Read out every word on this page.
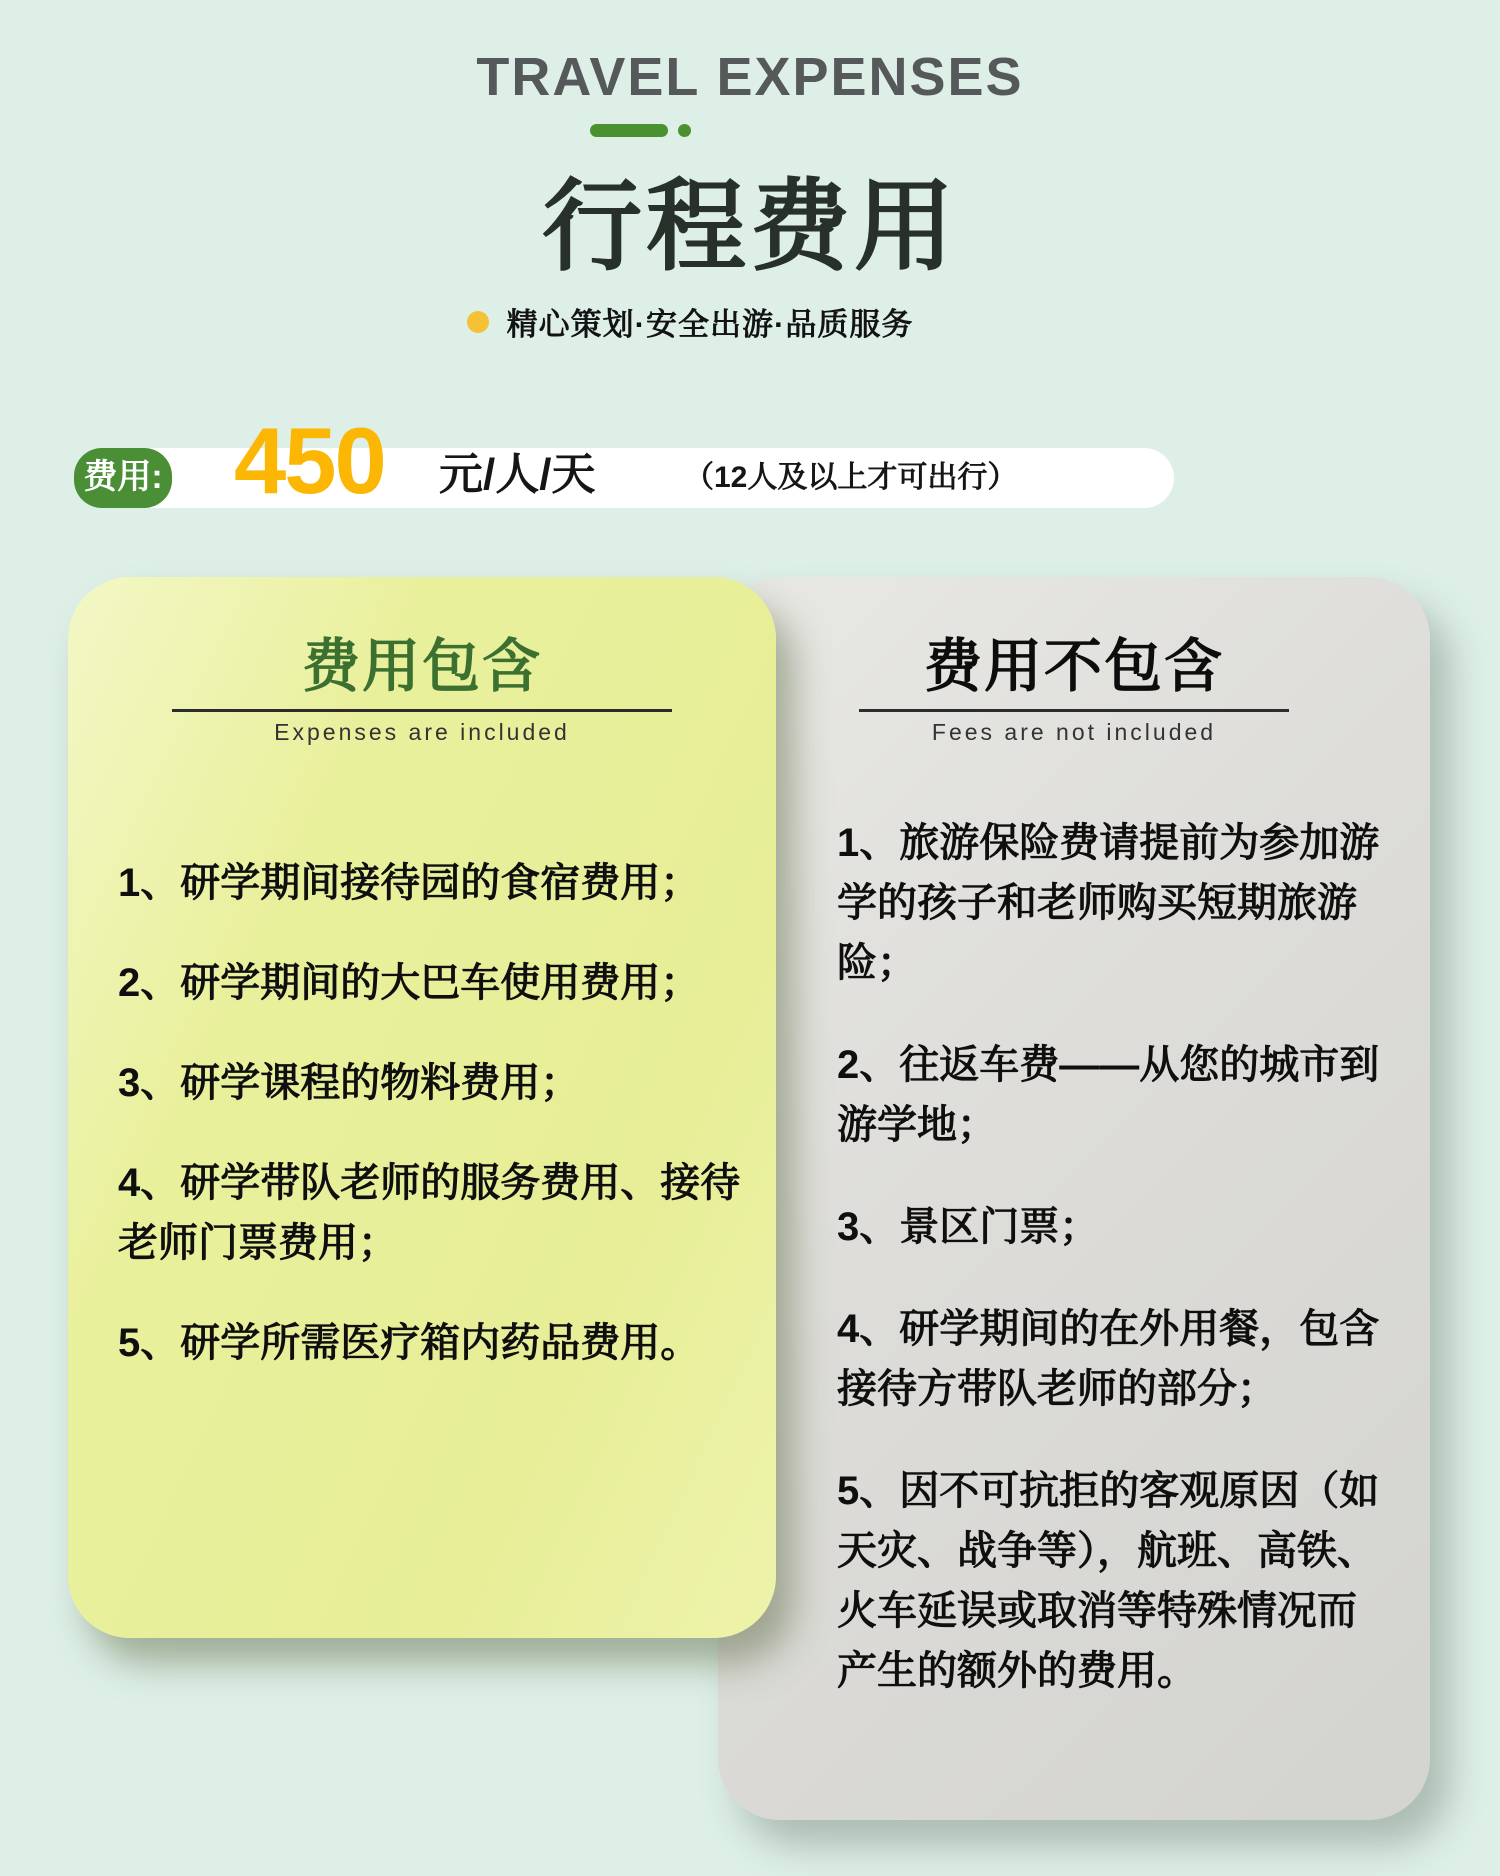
TRAVEL EXPENSES
行程费用
精心策划·安全出游·品质服务
费用: 450 元/人/天	（12人及以上才可出行）
费用不包含
Fees are not included

1、旅游保险费请提前为参加游学的孩子和老师购买短期旅游险；

2、往返车费——从您的城市到游学地；

3、景区门票；

4、研学期间的在外用餐，包含接待方带队老师的部分；

5、因不可抗拒的客观原因（如天灾、战争等），航班、高铁、火车延误或取消等特殊情况而产生的额外的费用。

费用包含
Expenses are included

1、研学期间接待园的食宿费用；

2、研学期间的大巴车使用费用；

3、研学课程的物料费用；

4、研学带队老师的服务费用、接待老师门票费用；

5、研学所需医疗箱内药品费用。
